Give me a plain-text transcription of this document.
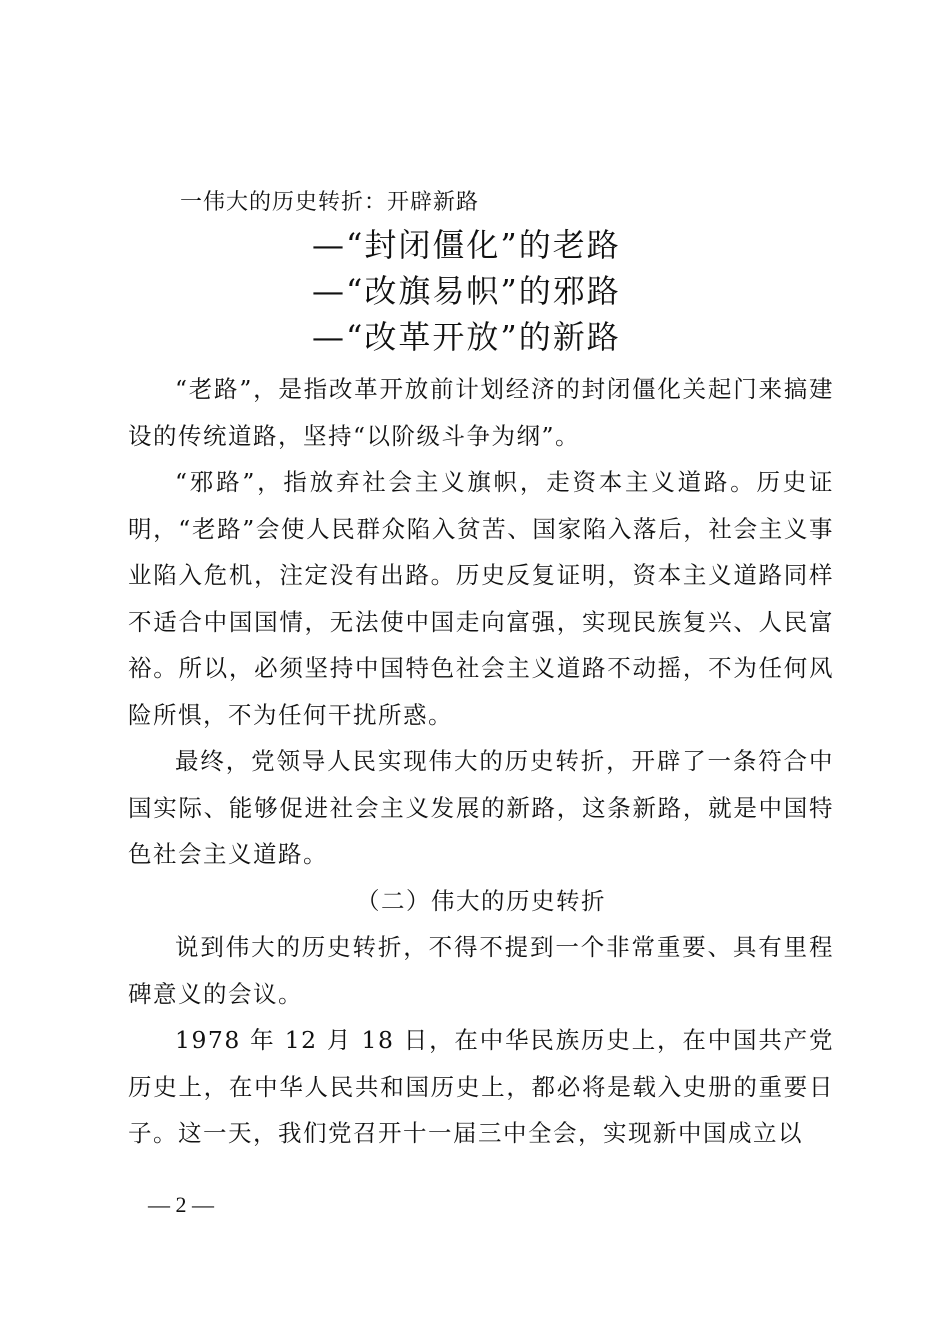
一伟大的历史转折：开辟新路
—“封闭僵化”的老路
—“改旗易帜”的邪路
—“改革开放”的新路

“老路”，是指改革开放前计划经济的封闭僵化关起门来搞建设的传统道路，坚持“以阶级斗争为纲”。

“邪路”，指放弃社会主义旗帜，走资本主义道路。历史证明，“老路”会使人民群众陷入贫苦、国家陷入落后，社会主义事业陷入危机，注定没有出路。历史反复证明，资本主义道路同样不适合中国国情，无法使中国走向富强，实现民族复兴、人民富裕。所以，必须坚持中国特色社会主义道路不动摇，不为任何风险所惧，不为任何干扰所惑。

最终，党领导人民实现伟大的历史转折，开辟了一条符合中国实际、能够促进社会主义发展的新路，这条新路，就是中国特色社会主义道路。

（二）伟大的历史转折

说到伟大的历史转折，不得不提到一个非常重要、具有里程碑意义的会议。

1978 年 12 月 18 日，在中华民族历史上，在中国共产党历史上，在中华人民共和国历史上，都必将是载入史册的重要日子。这一天，我们党召开十一届三中全会，实现新中国成立以

— 2 —
